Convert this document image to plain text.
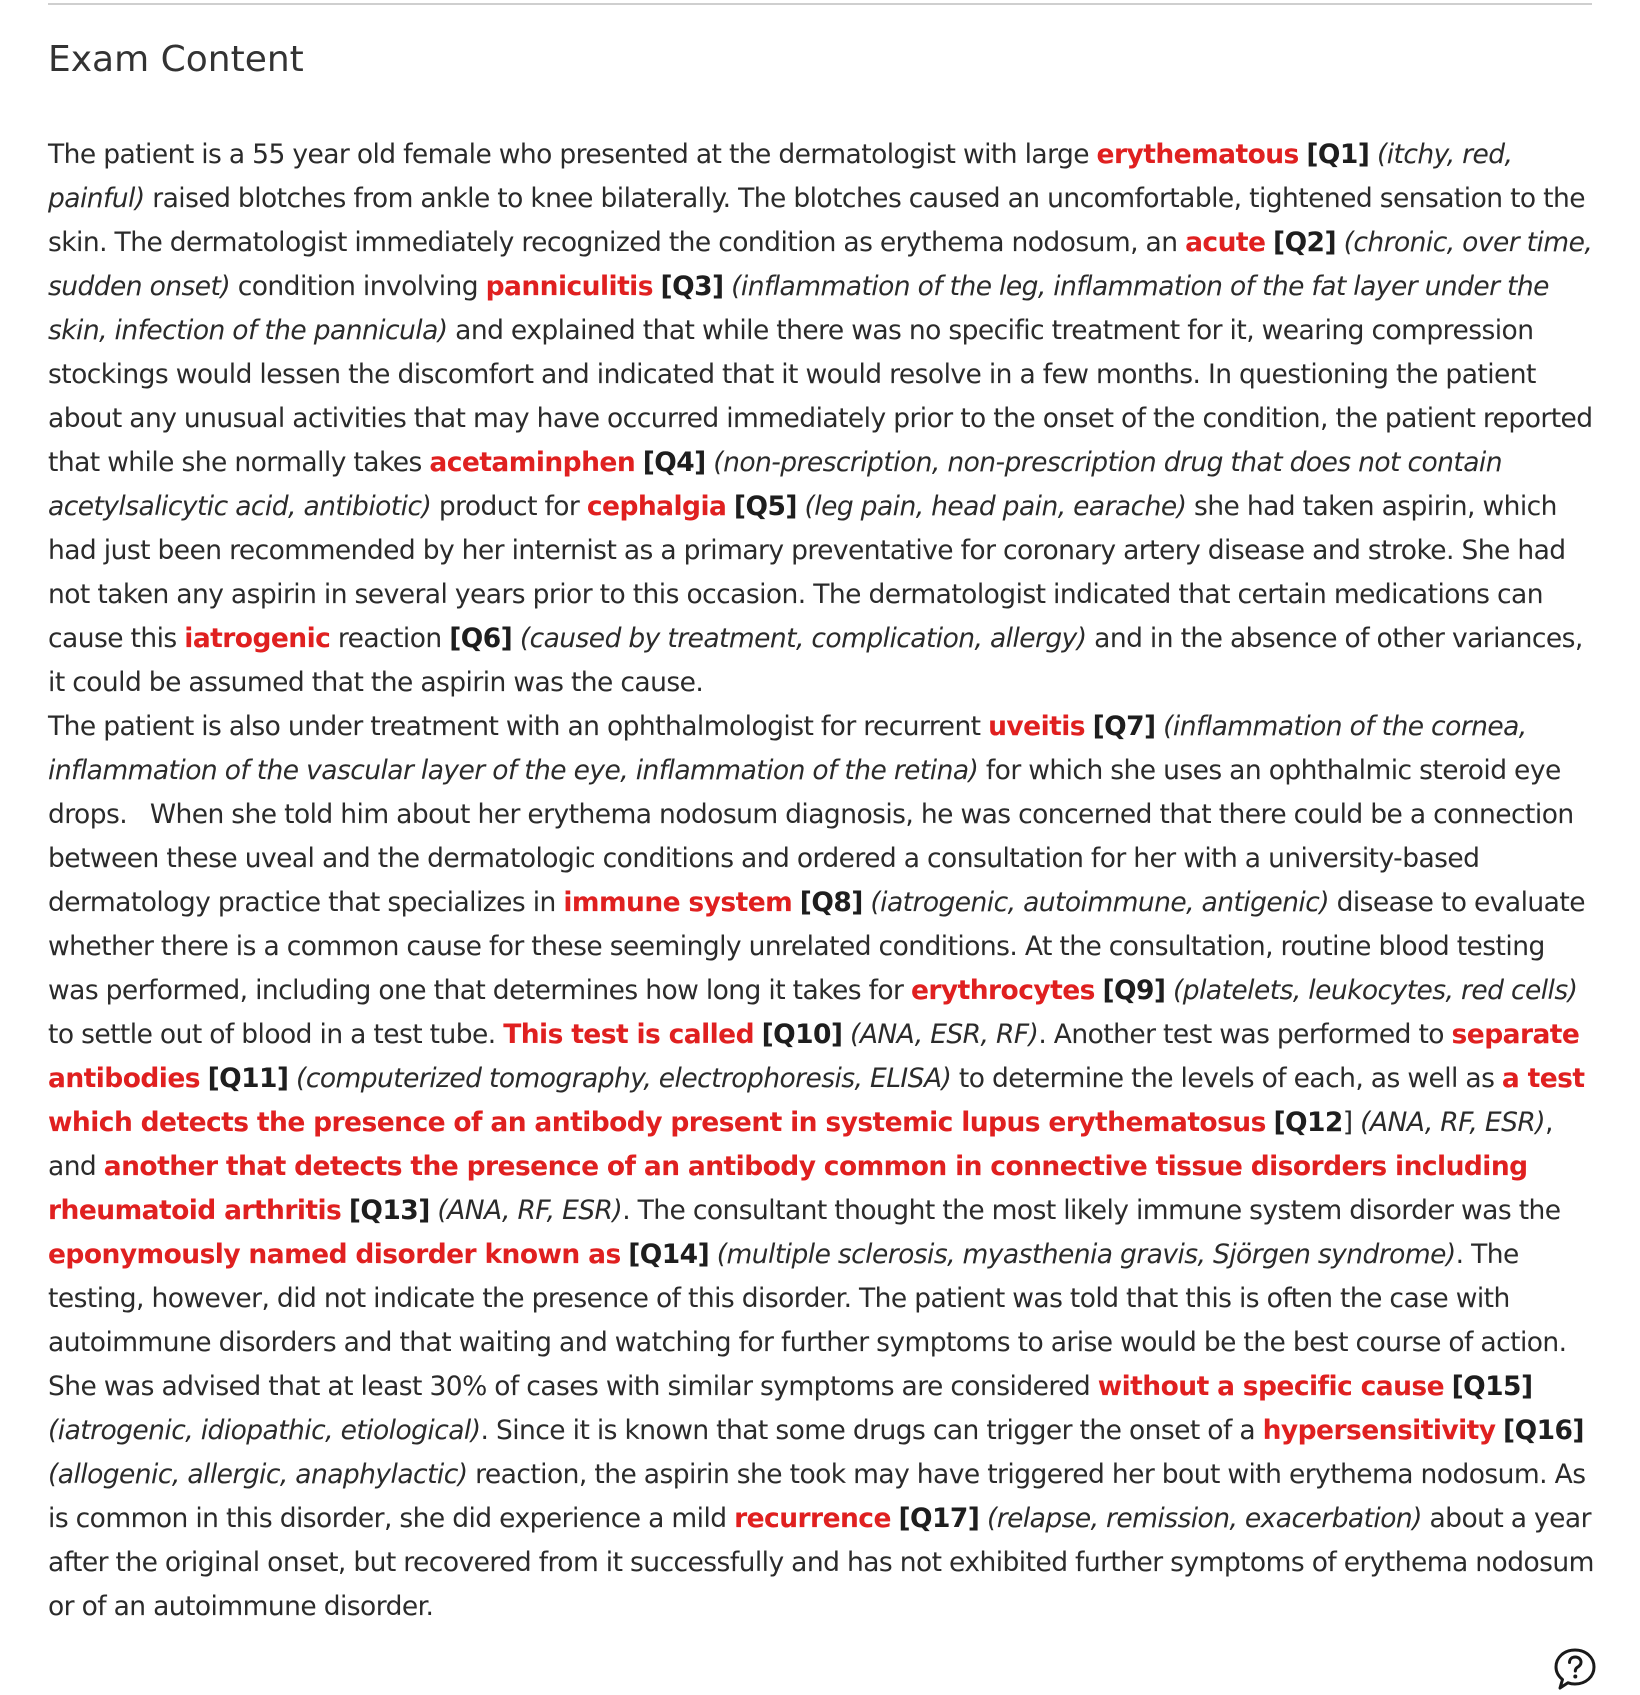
Exam Content

The patient is a 55 year old female who presented at the dermatologist with large erythematous [Q1] (itchy, red, painful) raised blotches from ankle to knee bilaterally. The blotches caused an uncomfortable, tightened sensation to the skin. The dermatologist immediately recognized the condition as erythema nodosum, an acute [Q2] (chronic, over time, sudden onset) condition involving panniculitis [Q3] (inflammation of the leg, inflammation of the fat layer under the skin, infection of the pannicula) and explained that while there was no specific treatment for it, wearing compression stockings would lessen the discomfort and indicated that it would resolve in a few months. In questioning the patient about any unusual activities that may have occurred immediately prior to the onset of the condition, the patient reported that while she normally takes acetaminphen [Q4] (non-prescription, non-prescription drug that does not contain acetylsalicytic acid, antibiotic) product for cephalgia [Q5] (leg pain, head pain, earache) she had taken aspirin, which had just been recommended by her internist as a primary preventative for coronary artery disease and stroke. She had not taken any aspirin in several years prior to this occasion. The dermatologist indicated that certain medications can cause this iatrogenic reaction [Q6] (caused by treatment, complication, allergy) and in the absence of other variances, it could be assumed that the aspirin was the cause.

The patient is also under treatment with an ophthalmologist for recurrent uveitis [Q7] (inflammation of the cornea, inflammation of the vascular layer of the eye, inflammation of the retina) for which she uses an ophthalmic steroid eye drops.   When she told him about her erythema nodosum diagnosis, he was concerned that there could be a connection between these uveal and the dermatologic conditions and ordered a consultation for her with a university-based dermatology practice that specializes in immune system [Q8] (iatrogenic, autoimmune, antigenic) disease to evaluate whether there is a common cause for these seemingly unrelated conditions. At the consultation, routine blood testing was performed, including one that determines how long it takes for erythrocytes [Q9] (platelets, leukocytes, red cells) to settle out of blood in a test tube. This test is called [Q10] (ANA, ESR, RF). Another test was performed to separate antibodies [Q11] (computerized tomography, electrophoresis, ELISA) to determine the levels of each, as well as a test which detects the presence of an antibody present in systemic lupus erythematosus [Q12] (ANA, RF, ESR), and another that detects the presence of an antibody common in connective tissue disorders including rheumatoid arthritis [Q13] (ANA, RF, ESR). The consultant thought the most likely immune system disorder was the eponymously named disorder known as [Q14] (multiple sclerosis, myasthenia gravis, Sjörgen syndrome). The testing, however, did not indicate the presence of this disorder. The patient was told that this is often the case with autoimmune disorders and that waiting and watching for further symptoms to arise would be the best course of action. She was advised that at least 30% of cases with similar symptoms are considered without a specific cause [Q15] (iatrogenic, idiopathic, etiological). Since it is known that some drugs can trigger the onset of a hypersensitivity [Q16] (allogenic, allergic, anaphylactic) reaction, the aspirin she took may have triggered her bout with erythema nodosum. As is common in this disorder, she did experience a mild recurrence [Q17] (relapse, remission, exacerbation) about a year after the original onset, but recovered from it successfully and has not exhibited further symptoms of erythema nodosum or of an autoimmune disorder.
